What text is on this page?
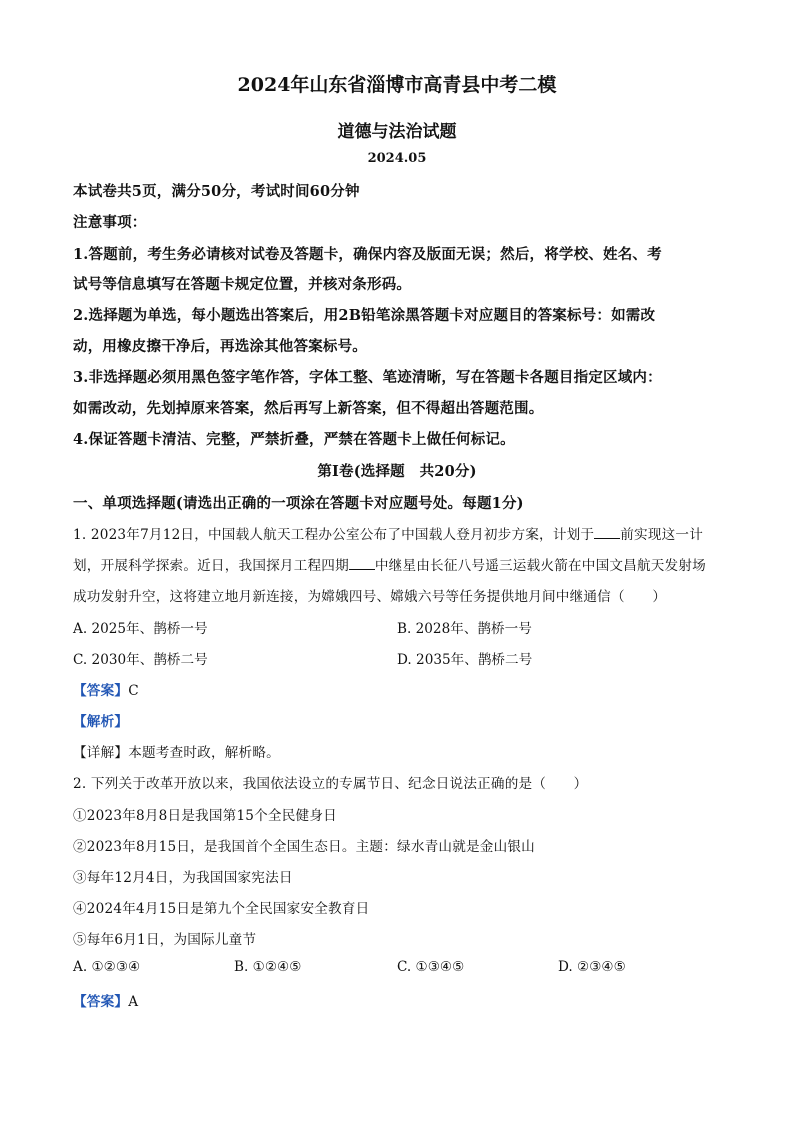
2024年山东省淄博市高青县中考二模
道德与法治试题
2024.05
本试卷共5页，满分50分，考试时间60分钟
注意事项：
1.答题前，考生务必请核对试卷及答题卡，确保内容及版面无误；然后，将学校、姓名、考
试号等信息填写在答题卡规定位置，并核对条形码。
2.选择题为单选，每小题选出答案后，用2B铅笔涂黑答题卡对应题目的答案标号：如需改
动，用橡皮擦干净后，再选涂其他答案标号。
3.非选择题必须用黑色签字笔作答，字体工整、笔迹清晰，写在答题卡各题目指定区域内：
如需改动，先划掉原来答案，然后再写上新答案，但不得超出答题范围。
4.保证答题卡清洁、完整，严禁折叠，严禁在答题卡上做任何标记。
第Ⅰ卷(选择题　共20分)
一、单项选择题(请选出正确的一项涂在答题卡对应题号处。每题1分)
1. 2023年7月12日，中国载人航天工程办公室公布了中国载人登月初步方案，计划于 前实现这一计
划，开展科学探索。近日，我国探月工程四期 中继星由长征八号遥三运载火箭在中国文昌航天发射场
成功发射升空，这将建立地月新连接，为嫦娥四号、嫦娥六号等任务提供地月间中继通信（　　）
A. 2025年、鹊桥一号	B. 2028年、鹊桥一号
C. 2030年、鹊桥二号	D. 2035年、鹊桥二号
【答案】C
【解析】
【详解】本题考查时政，解析略。
2. 下列关于改革开放以来，我国依法设立的专属节日、纪念日说法正确的是（　　）
①2023年8月8日是我国第15个全民健身日
②2023年8月15日，是我国首个全国生态日。主题：绿水青山就是金山银山
③每年12月4日，为我国国家宪法日
④2024年4月15日是第九个全民国家安全教育日
⑤每年6月1日，为国际儿童节
A. ①②③④	B. ①②④⑤	C. ①③④⑤	D. ②③④⑤
【答案】A
